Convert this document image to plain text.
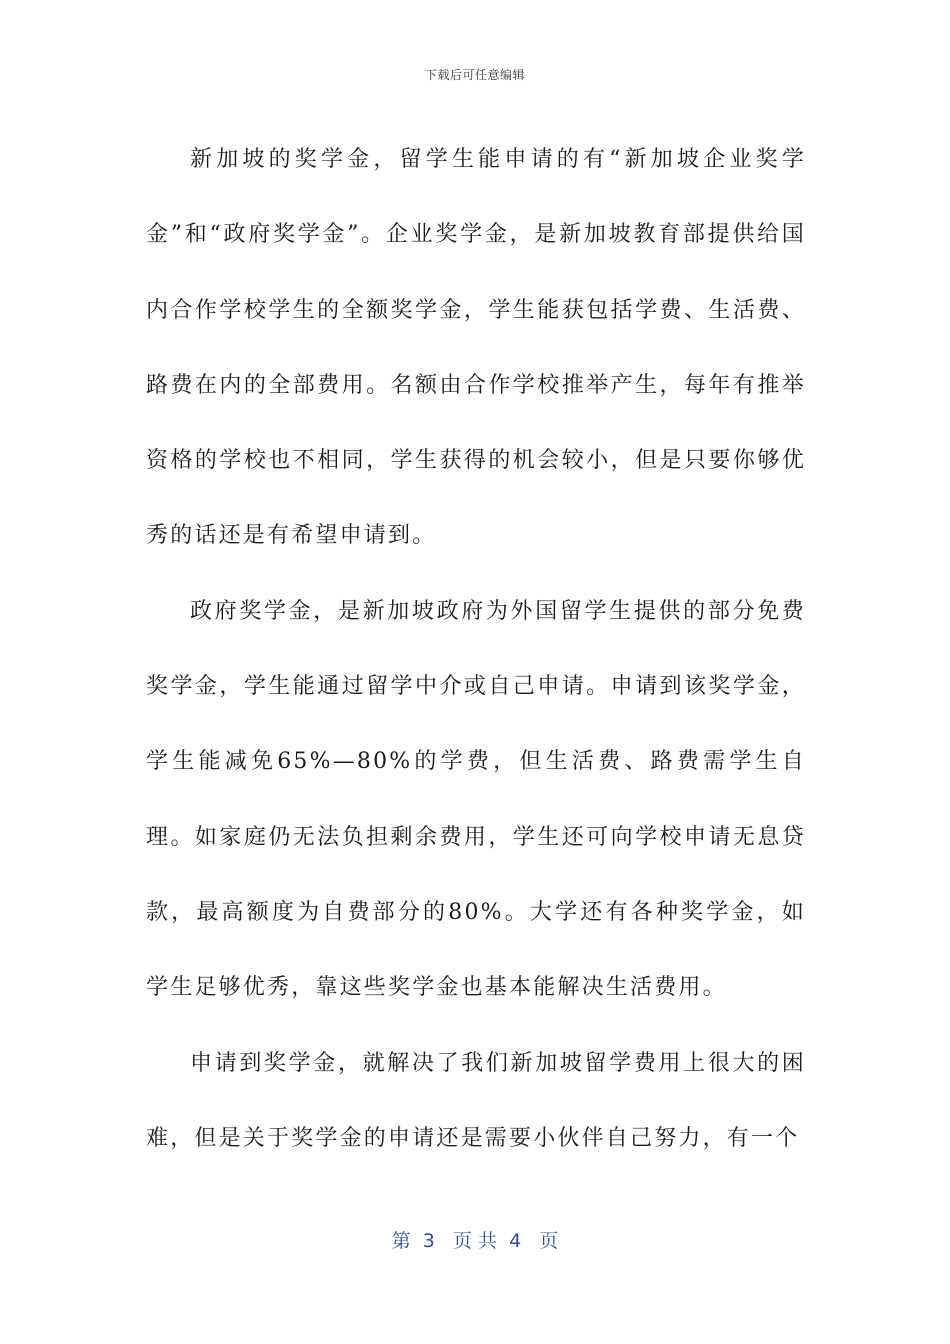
下载后可任意编辑

新加坡的奖学金，留学生能申请的有“新加坡企业奖学金”和“政府奖学金”。企业奖学金，是新加坡教育部提供给国内合作学校学生的全额奖学金，学生能获包括学费、生活费、路费在内的全部费用。名额由合作学校推举产生，每年有推举资格的学校也不相同，学生获得的机会较小，但是只要你够优秀的话还是有希望申请到。

政府奖学金，是新加坡政府为外国留学生提供的部分免费奖学金，学生能通过留学中介或自己申请。申请到该奖学金，学生能减免65%—80%的学费，但生活费、路费需学生自理。如家庭仍无法负担剩余费用，学生还可向学校申请无息贷款，最高额度为自费部分的80%。大学还有各种奖学金，如学生足够优秀，靠这些奖学金也基本能解决生活费用。

申请到奖学金，就解决了我们新加坡留学费用上很大的困难，但是关于奖学金的申请还是需要小伙伴自己努力，有一个

第  3   页 共  4   页
